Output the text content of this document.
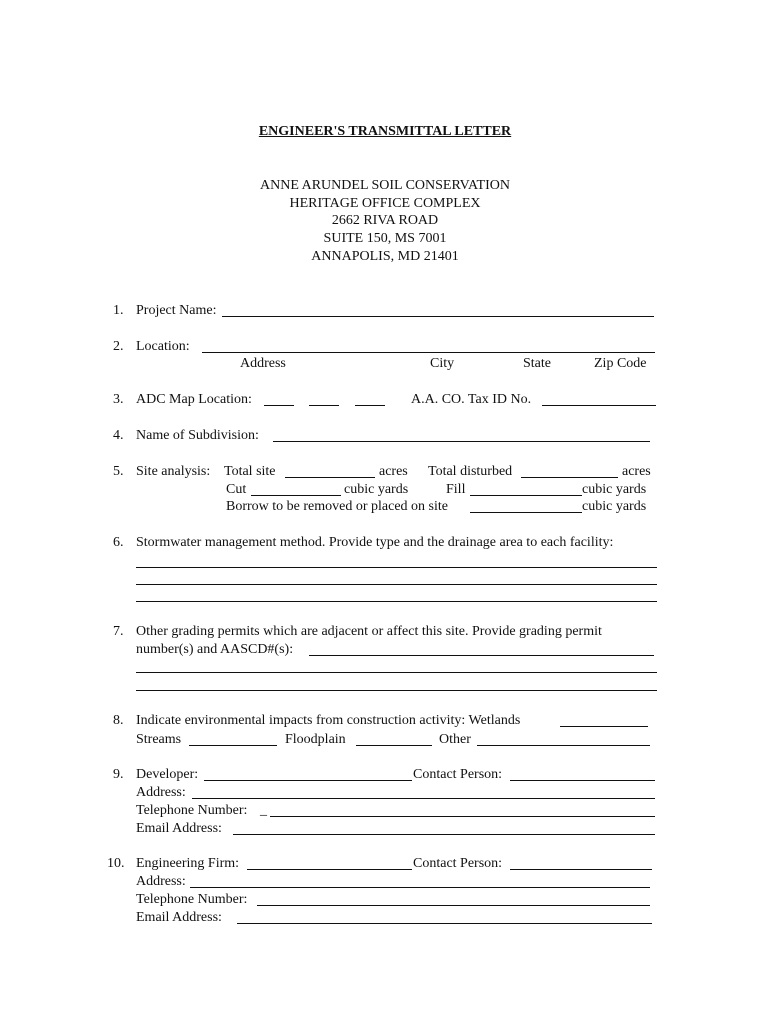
ENGINEER'S TRANSMITTAL LETTER
ANNE ARUNDEL SOIL CONSERVATION
HERITAGE OFFICE COMPLEX
2662 RIVA ROAD
SUITE 150, MS 7001
ANNAPOLIS, MD 21401
1. Project Name:
2. Location:
Address	City	State	Zip Code
3. ADC Map Location:	A.A. CO. Tax ID No.
4. Name of Subdivision:
5. Site analysis: Total site	acres Total disturbed	acres
Cut	cubic yards	Fill	cubic yards
Borrow to be removed or placed on site	cubic yards
6. Stormwater management method. Provide type and the drainage area to each facility:
7. Other grading permits which are adjacent or affect this site. Provide grading permit
number(s) and AASCD#(s):
8. Indicate environmental impacts from construction activity: Wetlands
Streams	Floodplain	Other
9. Developer:	Contact Person:
Address:
Telephone Number: _
Email Address:
10. Engineering Firm:	Contact Person:
Address:
Telephone Number:
Email Address:
